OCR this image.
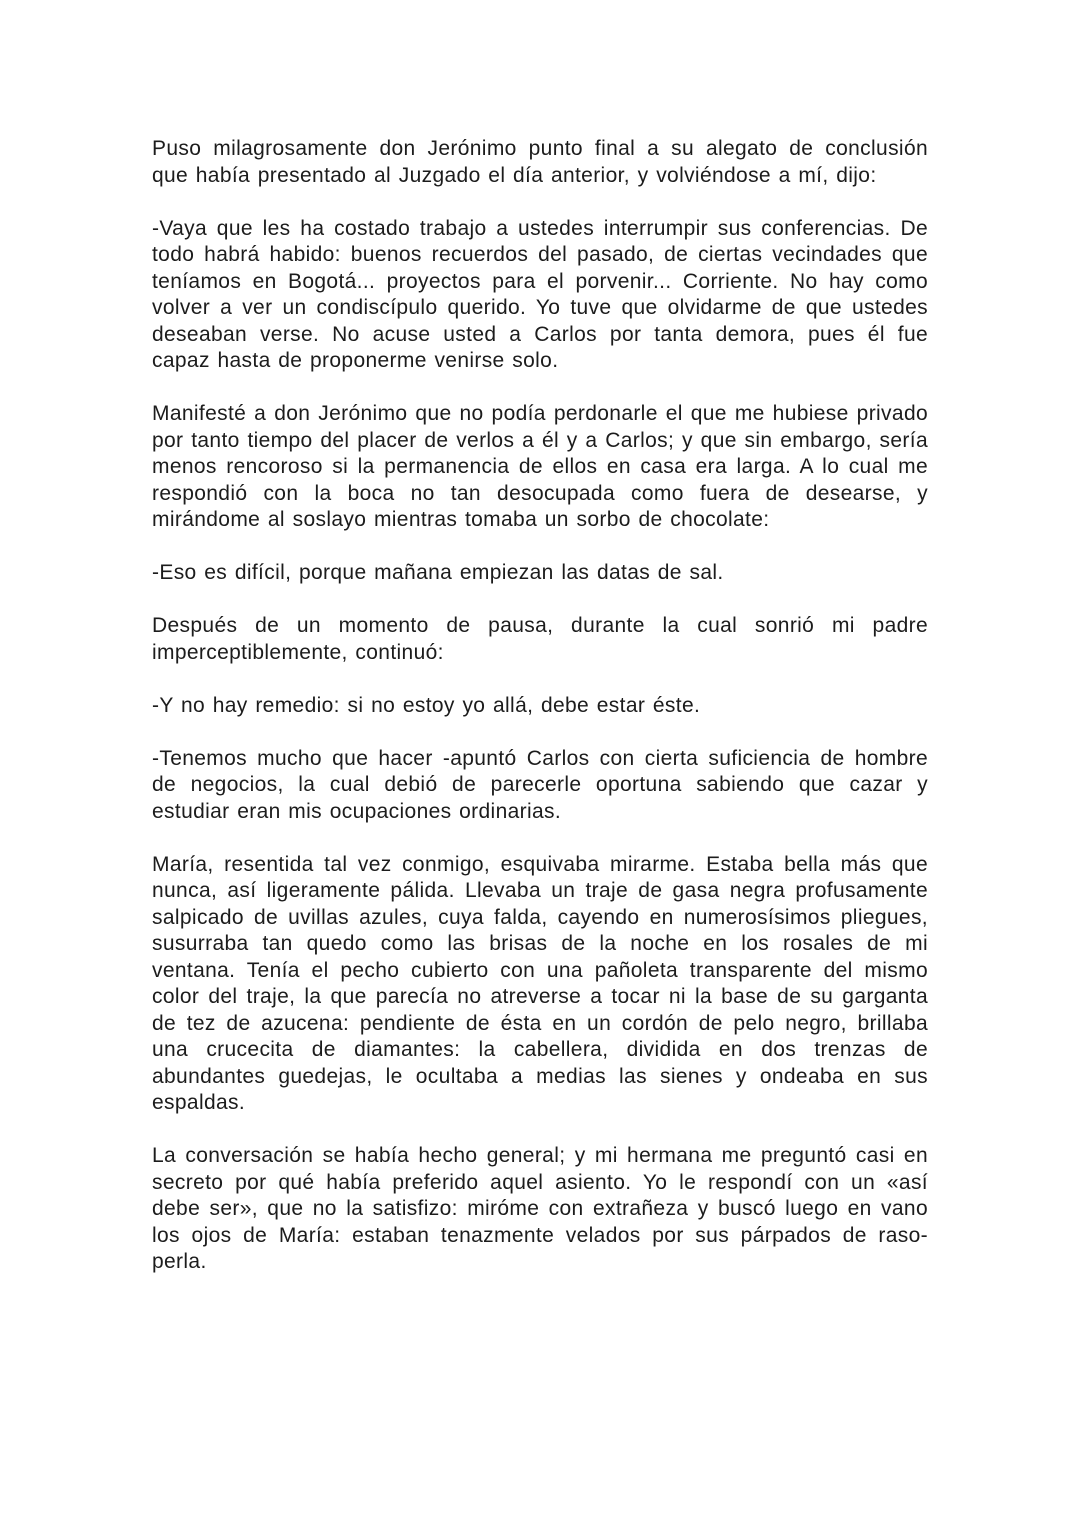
Puso milagrosamente don Jerónimo punto final a su alegato de conclusión que había presentado al Juzgado el día anterior, y volviéndose a mí, dijo:

-Vaya que les ha costado trabajo a ustedes interrumpir sus conferencias. De todo habrá habido: buenos recuerdos del pasado, de ciertas vecindades que teníamos en Bogotá... proyectos para el porvenir... Corriente. No hay como volver a ver un condiscípulo querido. Yo tuve que olvidarme de que ustedes deseaban verse. No acuse usted a Carlos por tanta demora, pues él fue capaz hasta de proponerme venirse solo.

Manifesté a don Jerónimo que no podía perdonarle el que me hubiese privado por tanto tiempo del placer de verlos a él y a Carlos; y que sin embargo, sería menos rencoroso si la permanencia de ellos en casa era larga. A lo cual me respondió con la boca no tan desocupada como fuera de desearse, y mirándome al soslayo mientras tomaba un sorbo de chocolate:

-Eso es difícil, porque mañana empiezan las datas de sal.

Después de un momento de pausa, durante la cual sonrió mi padre imperceptiblemente, continuó:

-Y no hay remedio: si no estoy yo allá, debe estar éste.

-Tenemos mucho que hacer -apuntó Carlos con cierta suficiencia de hombre de negocios, la cual debió de parecerle oportuna sabiendo que cazar y estudiar eran mis ocupaciones ordinarias.

María, resentida tal vez conmigo, esquivaba mirarme. Estaba bella más que nunca, así ligeramente pálida. Llevaba un traje de gasa negra profusamente salpicado de uvillas azules, cuya falda, cayendo en numerosísimos pliegues, susurraba tan quedo como las brisas de la noche en los rosales de mi ventana. Tenía el pecho cubierto con una pañoleta transparente del mismo color del traje, la que parecía no atreverse a tocar ni la base de su garganta de tez de azucena: pendiente de ésta en un cordón de pelo negro, brillaba una crucecita de diamantes: la cabellera, dividida en dos trenzas de abundantes guedejas, le ocultaba a medias las sienes y ondeaba en sus espaldas.

La conversación se había hecho general; y mi hermana me preguntó casi en secreto por qué había preferido aquel asiento. Yo le respondí con un «así debe ser», que no la satisfizo: miróme con extrañeza y buscó luego en vano los ojos de María: estaban tenazmente velados por sus párpados de raso-perla.
